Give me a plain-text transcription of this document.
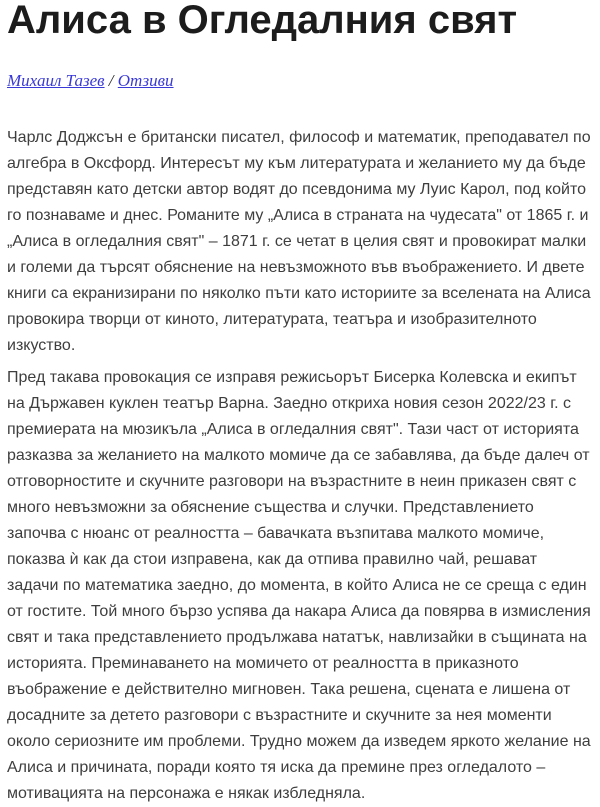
Алиса в Огледалния свят
Михаил Тазев / Отзиви

Чарлс Доджсън е британски писател, философ и математик, преподавател по алгебра в Оксфорд. Интересът му към литературата и желанието му да бъде представян като детски автор водят до псевдонима му Луис Карол, под който го познаваме и днес. Романите му „Алиса в страната на чудесата" от 1865 г. и „Алиса в огледалния свят" – 1871 г. се четат в целия свят и провокират малки и големи да търсят обяснение на невъзможното във въображението. И двете книги са екранизирани по няколко пъти като историите за вселената на Алиса провокира творци от киното, литературата, театъра и изобразителното изкуство.

Пред такава провокация се изправя режисьорът Бисерка Колевска и екипът на Държавен куклен театър Варна. Заедно откриха новия сезон 2022/23 г. с премиерата на мюзикъла „Алиса в огледалния свят". Тази част от историята разказва за желанието на малкото момиче да се забавлява, да бъде далеч от отговорностите и скучните разговори на възрастните в неин приказен свят с много невъзможни за обяснение същества и случки. Представлението започва с нюанс от реалността – бавачката възпитава малкото момиче, показва ѝ как да стои изправена, как да отпива правилно чай, решават задачи по математика заедно, до момента, в който Алиса не се среща с един от гостите. Той много бързо успява да накара Алиса да повярва в измисления свят и така представлението продължава нататък, навлизайки в същината на историята. Преминаването на момичето от реалността в приказното въображение е действително мигновен. Така решена, сцената е лишена от досадните за детето разговори с възрастните и скучните за нея моменти около сериозните им проблеми. Трудно можем да изведем яркото желание на Алиса и причината, поради която тя иска да премине през огледалото – мотивацията на персонажа е някак избледняла.
